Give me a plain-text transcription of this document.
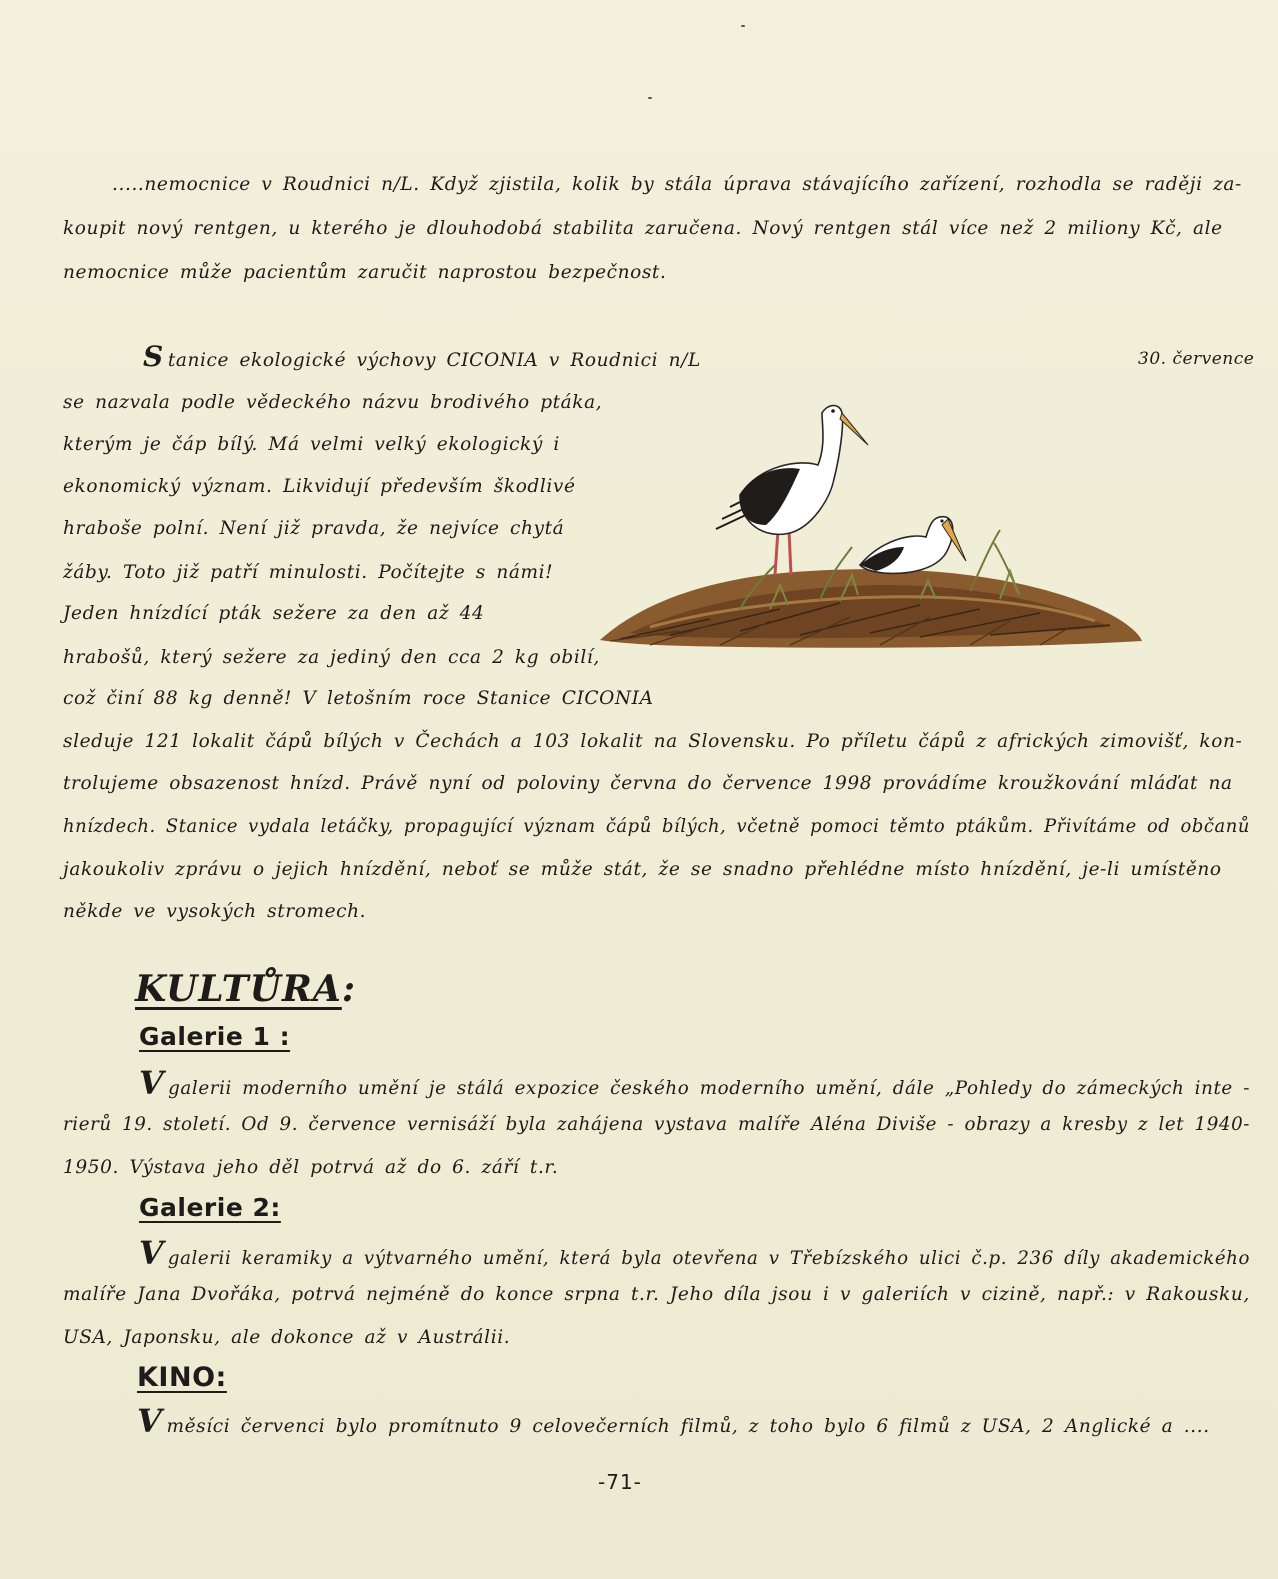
.....nemocnice v Roudnici n/L. Když zjistila, kolik by stála úprava stávajícího zařízení, rozhodla se raději za-
koupit nový rentgen, u kterého je dlouhodobá stabilita zaručena. Nový rentgen stál více než 2 miliony Kč, ale
nemocnice může pacientům zaručit naprostou bezpečnost.
30. července
Stanice ekologické výchovy CICONIA v Roudnici n/L
se nazvala podle vědeckého názvu brodivého ptáka,
kterým je čáp bílý. Má velmi velký ekologický i
ekonomický význam. Likvidují především škodlivé
hraboše polní. Není již pravda, že nejvíce chytá
žáby. Toto již patří minulosti. Počítejte s námi!
Jeden hnízdící pták sežere za den až 44
hrabošů, který sežere za jediný den cca 2 kg obilí,
což činí 88 kg denně! V letošním roce Stanice CICONIA
sleduje 121 lokalit čápů bílých v Čechách a 103 lokalit na Slovensku. Po příletu čápů z afrických zimovišť, kon-
trolujeme obsazenost hnízd. Právě nyní od poloviny června do července 1998 provádíme kroužkování mláďat na
hnízdech. Stanice vydala letáčky, propagující význam čápů bílých, včetně pomoci těmto ptákům. Přivítáme od občanů
jakoukoliv zprávu o jejich hnízdění, neboť se může stát, že se snadno přehlédne místo hnízdění, je-li umístěno
někde ve vysokých stromech.
KULTŮRA:
Galerie 1 :
Vgalerii moderního umění je stálá expozice českého moderního umění, dále „Pohledy do zámeckých inte -
rierů 19. století. Od 9. července vernisáží byla zahájena vystava malíře Aléna Diviše - obrazy a kresby z let 1940-
1950. Výstava jeho děl potrvá až do 6. září t.r.
Galerie 2:
Vgalerii keramiky a výtvarného umění, která byla otevřena v Třebízského ulici č.p. 236 díly akademického
malíře Jana Dvořáka, potrvá nejméně do konce srpna t.r. Jeho díla jsou i v galeriích v cizině, např.: v Rakousku,
USA, Japonsku, ale dokonce až v Austrálii.
KINO:
Vměsíci červenci bylo promítnuto 9 celovečerních filmů, z toho bylo 6 filmů z USA, 2 Anglické a ....
-71-
